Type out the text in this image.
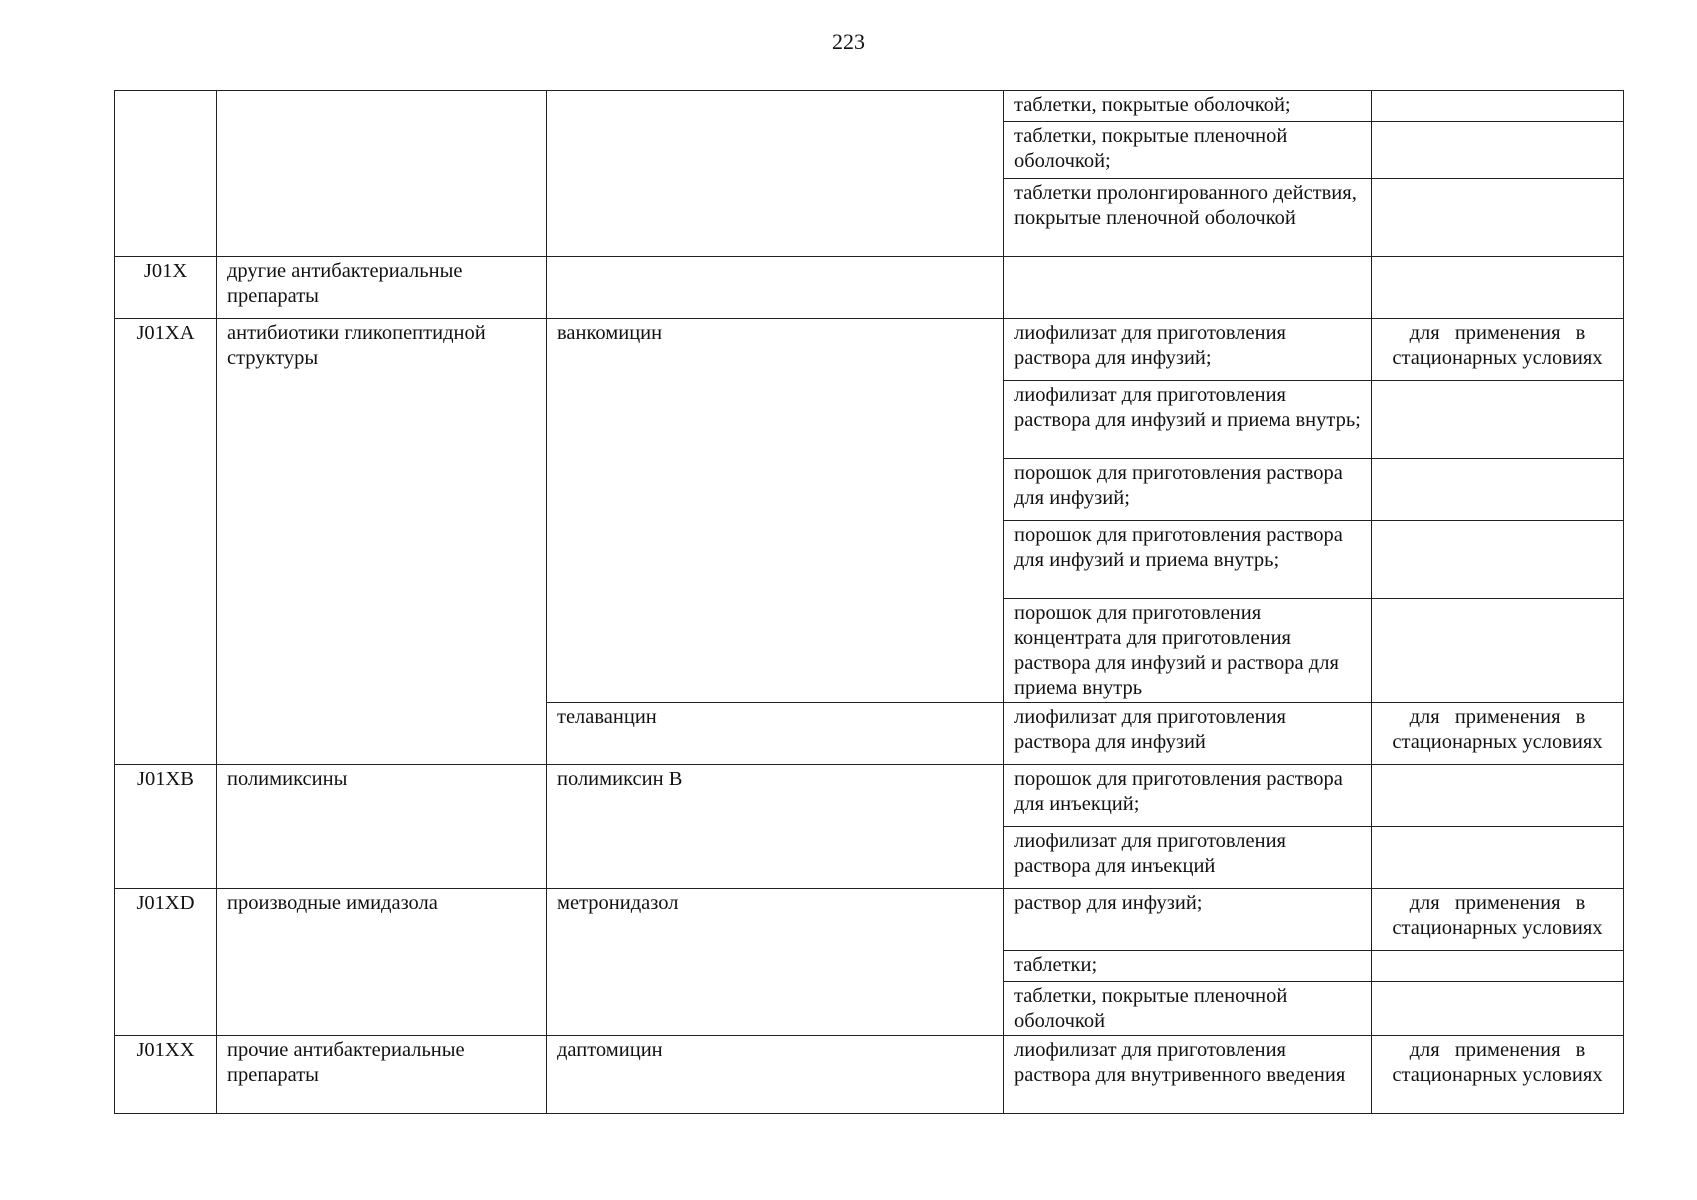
223
			таблетки, покрытые оболочкой;	
			таблетки, покрытые пленочной оболочкой;	
			таблетки пролонгированного действия, покрытые пленочной оболочкой	
J01X	другие антибактериальные препараты			
J01XA	антибиотики гликопептидной структуры	ванкомицин	лиофилизат для приготовления раствора для инфузий;	для применения в
стационарных условиях
			лиофилизат для приготовления раствора для инфузий и приема внутрь;	
			порошок для приготовления раствора для инфузий;	
			порошок для приготовления раствора для инфузий и приема внутрь;	
			порошок для приготовления концентрата для приготовления раствора для инфузий и раствора для приема внутрь	
		телаванцин	лиофилизат для приготовления раствора для инфузий	для применения в
стационарных условиях
J01XB	полимиксины	полимиксин В	порошок для приготовления раствора для инъекций;	
			лиофилизат для приготовления раствора для инъекций	
J01XD	производные имидазола	метронидазол	раствор для инфузий;	для применения в
стационарных условиях
			таблетки;	
			таблетки, покрытые пленочной оболочкой	
J01XX	прочие антибактериальные препараты	даптомицин	лиофилизат для приготовления раствора для внутривенного введения	для применения в
стационарных условиях
